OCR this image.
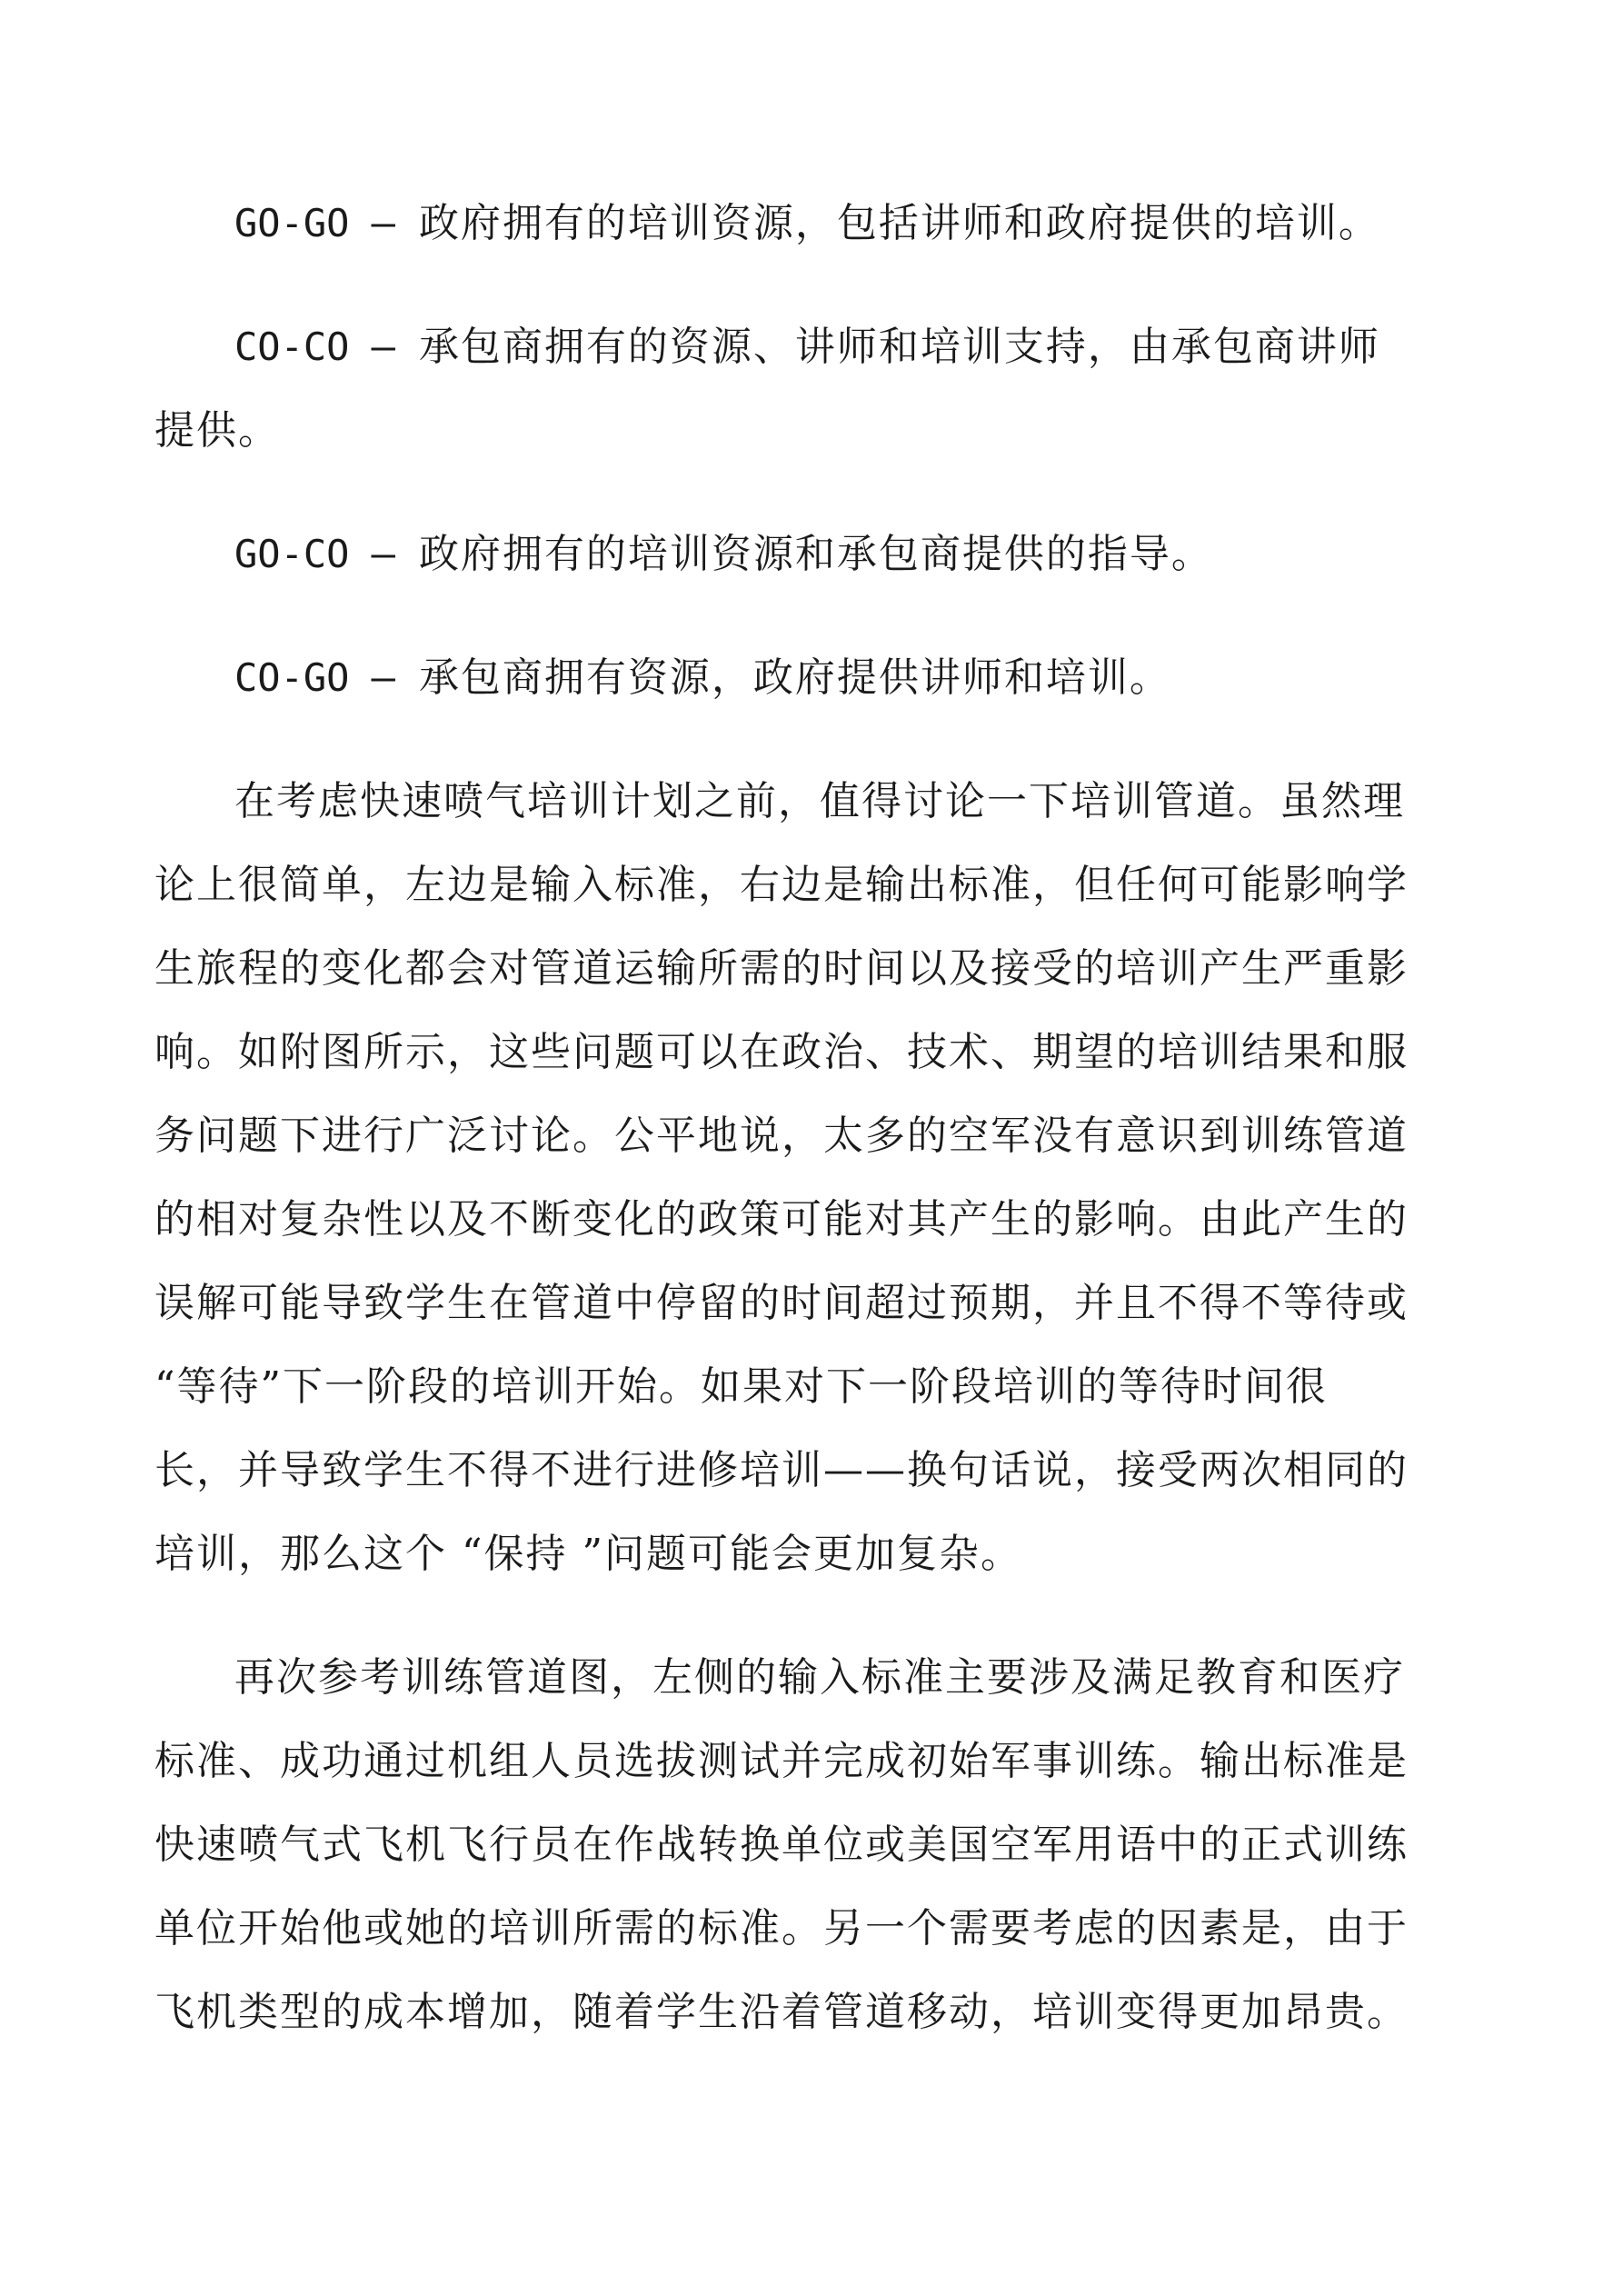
GO-GO – 政府拥有的培训资源，包括讲师和政府提供的培训。
CO-CO – 承包商拥有的资源、讲师和培训支持，由承包商讲师
提供。
GO-CO – 政府拥有的培训资源和承包商提供的指导。
CO-GO – 承包商拥有资源，政府提供讲师和培训。
在考虑快速喷气培训计划之前，值得讨论一下培训管道。虽然理
论上很简单，左边是输入标准，右边是输出标准，但任何可能影响学
生旅程的变化都会对管道运输所需的时间以及接受的培训产生严重影
响。如附图所示，这些问题可以在政治、技术、期望的培训结果和服
务问题下进行广泛讨论。公平地说，太多的空军没有意识到训练管道
的相对复杂性以及不断变化的政策可能对其产生的影响。由此产生的
误解可能导致学生在管道中停留的时间超过预期，并且不得不等待或
“等待”下一阶段的培训开始。如果对下一阶段培训的等待时间很
长，并导致学生不得不进行进修培训——换句话说，接受两次相同的
培训，那么这个 “保持 ”问题可能会更加复杂。
再次参考训练管道图，左侧的输入标准主要涉及满足教育和医疗
标准、成功通过机组人员选拔测试并完成初始军事训练。输出标准是
快速喷气式飞机飞行员在作战转换单位或美国空军用语中的正式训练
单位开始他或她的培训所需的标准。另一个需要考虑的因素是，由于
飞机类型的成本增加，随着学生沿着管道移动，培训变得更加昂贵。
